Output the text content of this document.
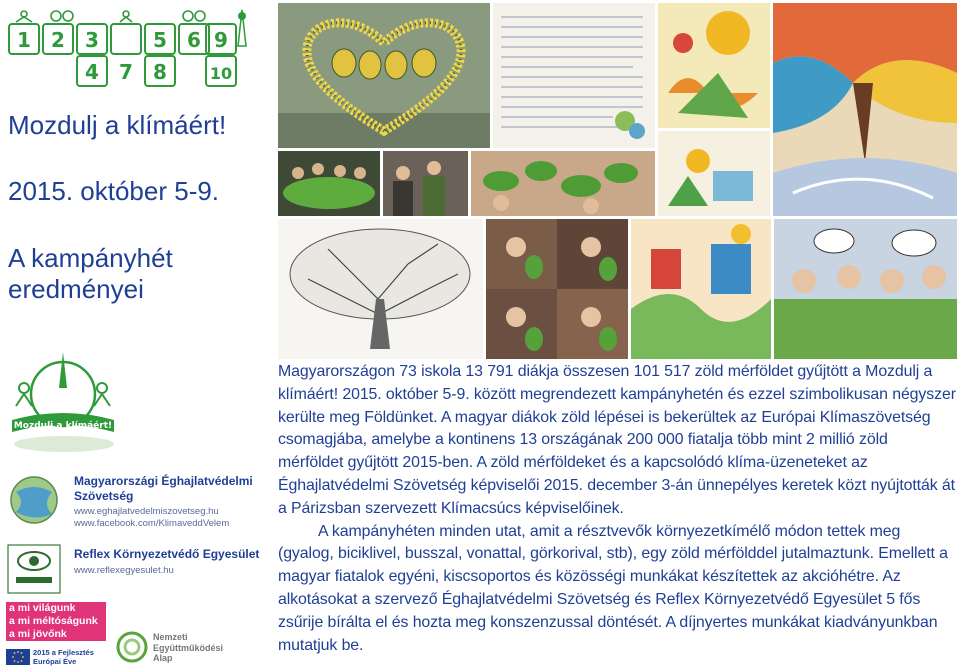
1 2 3	5 6
8
9
4 7	10
Mozdulj a klímáért!
2015. október 5-9.
A kampányhét eredményei
Mozdulj a klímáért!
Magyarországi Éghajlatvédelmi Szövetség
www.eghajlatvedelmiszovetseg.hu
www.facebook.com/KlimaveddVelem
Reflex Környezetvédő Egyesület
www.reflexegyesulet.hu
a mi világunk
a mi méltóságunk
a mi jövőnk
2015 a Fejlesztés
Európai Éve
Nemzeti
Együttműködési
Alap

Magyarországon 73 iskola 13 791 diákja összesen 101 517 zöld mérföldet gyűjtött a Mozdulj a klímáért! 2015. október 5-9. között megrendezett kampányhetén és ezzel szimbolikusan négyszer kerülte meg Földünket. A magyar diákok zöld lépései is bekerültek az Európai Klímaszövetség csomagjába, amelybe a kontinens 13 országának 200 000 fiatalja több mint 2 millió zöld mérföldet gyűjtött 2015-ben. A zöld mérföldeket és a kapcsolódó klíma-üzeneteket az Éghajlatvédelmi Szövetség képviselői 2015. december 3-án ünnepélyes keretek közt nyújtották át a Párizsban szervezett Klímacsúcs képviselőinek.

A kampányhéten minden utat, amit a résztvevők környezetkímélő módon tettek meg (gyalog, biciklivel, busszal, vonattal, görkorival, stb), egy zöld mérfölddel jutalmaztunk. Emellett a magyar fiatalok egyéni, kiscsoportos és közösségi munkákat készítettek az akcióhétre. Az alkotásokat a szervező Éghajlatvédelmi Szövetség és Reflex Környezetvédő Egyesület 5 fős zsűrije bírálta el és hozta meg konszenzussal döntését. A díjnyertes munkákat kiadványunkban mutatjuk be.
